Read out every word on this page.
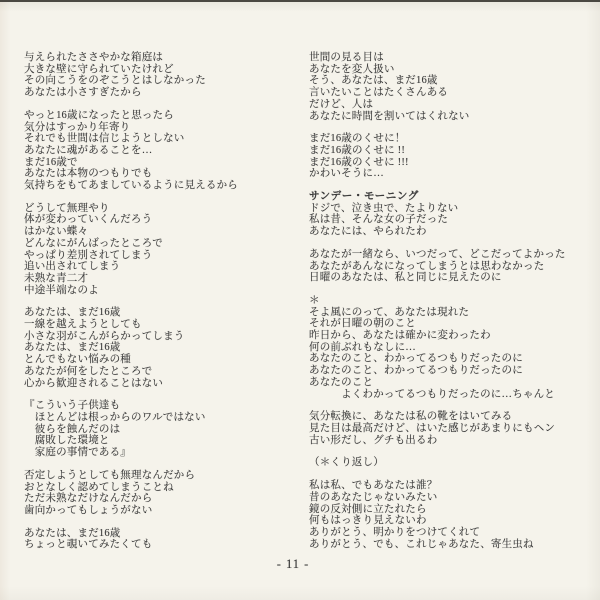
与えられたささやかな箱庭は
大きな壁に守られていたけれど
その向こうをのぞこうとはしなかった
あなたは小さすぎたから
やっと16歳になったと思ったら
気分はすっかり年寄り
それでも世間は信じようとしない
あなたに魂があることを…
まだ16歳で
あなたは本物のつもりでも
気持ちをもてあましているように見えるから
どうして無理やり
体が変わっていくんだろう
はかない蝶々
どんなにがんばったところで
やっぱり差別されてしまう
追い出されてしまう
未熟な青二才
中途半端なのよ
あなたは、まだ16歳
一線を越えようとしても
小さな羽がこんがらかってしまう
あなたは、まだ16歳
とんでもない悩みの種
あなたが何をしたところで
心から歓迎されることはない
『こういう子供達も
　ほとんどは根っからのワルではない
　彼らを蝕んだのは
　腐敗した環境と
　家庭の事情である』
否定しようとしても無理なんだから
おとなしく認めてしまうことね
ただ未熟なだけなんだから
歯向かってもしょうがない
あなたは、まだ16歳
ちょっと覗いてみたくても
世間の見る目は
あなたを変人扱い
そう、あなたは、まだ16歳
言いたいことはたくさんある
だけど、人は
あなたに時間を割いてはくれない
まだ16歳のくせに！
まだ16歳のくせに !!
まだ16歳のくせに !!!
かわいそうに…
サンデー・モーニング
ドジで、泣き虫で、たよりない
私は昔、そんな女の子だった
あなたには、やられたわ
あなたが一緒なら、いつだって、どこだってよかった
あなたがあんなになってしまうとは思わなかった
日曜のあなたは、私と同じに見えたのに
＊
そよ風にのって、あなたは現れた
それが日曜の朝のこと
昨日から、あなたは確かに変わったわ
何の前ぶれもなしに…
あなたのこと、わかってるつもりだったのに
あなたのこと、わかってるつもりだったのに
あなたのこと
　　　よくわかってるつもりだったのに…ちゃんと
気分転換に、あなたは私の靴をはいてみる
見た目は最高だけど、はいた感じがあまりにもヘン
古い形だし、グチも出るわ
（＊くり返し）
私は私、でもあなたは誰？
昔のあなたじゃないみたい
鏡の反対側に立たれたら
何もはっきり見えないわ
ありがとう、明かりをつけてくれて
ありがとう、でも、これじゃあなた、寄生虫ね
- 11 -
